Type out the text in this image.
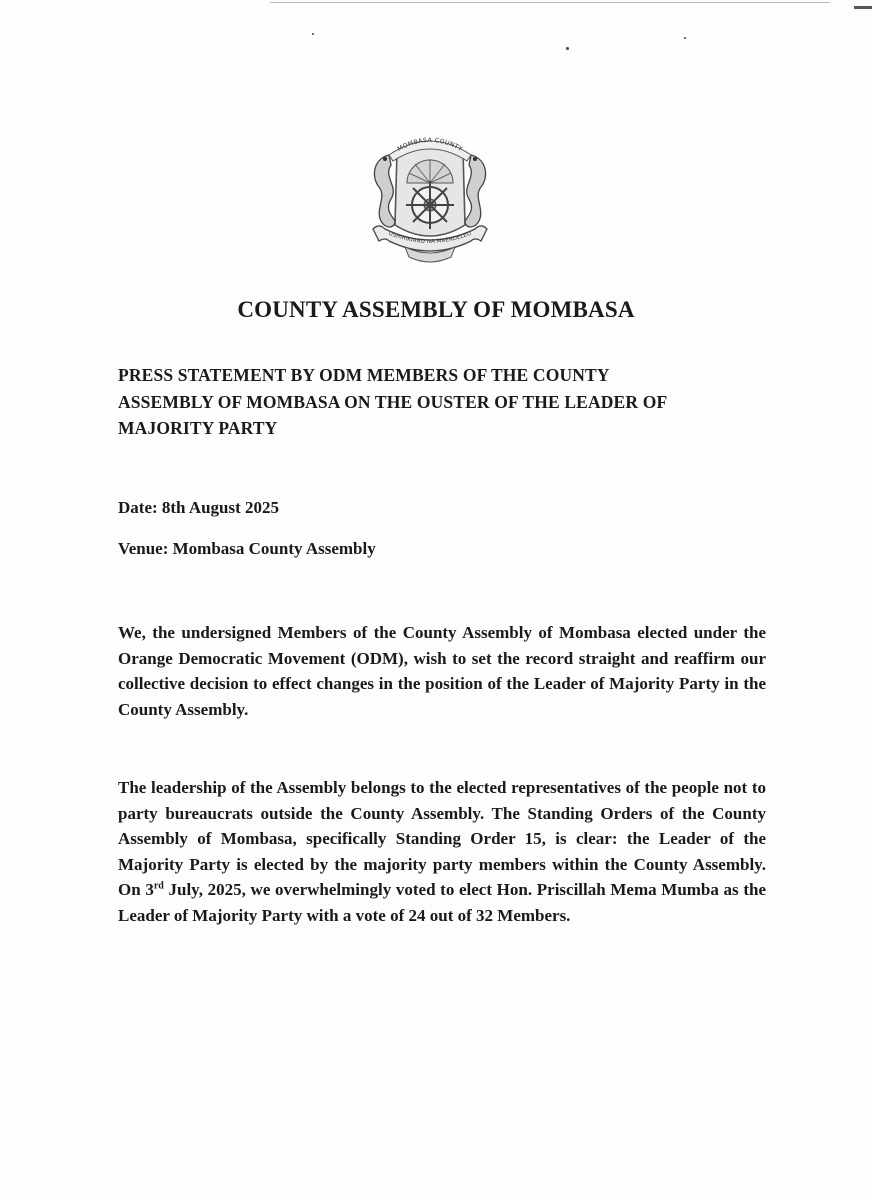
MOMBASA COUNTY
USHIRIKIANO NA MAENDELEO
COUNTY ASSEMBLY OF MOMBASA
PRESS STATEMENT BY ODM MEMBERS OF THE COUNTY
ASSEMBLY OF MOMBASA ON THE OUSTER OF THE LEADER OF
MAJORITY PARTY
Date: 8th August 2025
Venue: Mombasa County Assembly
We, the undersigned Members of the County Assembly of Mombasa elected under the Orange Democratic Movement (ODM), wish to set the record straight and reaffirm our collective decision to effect changes in the position of the Leader of Majority Party in the County Assembly.
The leadership of the Assembly belongs to the elected representatives of the people not to party bureaucrats outside the County Assembly. The Standing Orders of the County Assembly of Mombasa, specifically Standing Order 15, is clear: the Leader of the Majority Party is elected by the majority party members within the County Assembly. On 3rd July, 2025, we overwhelmingly voted to elect Hon. Priscillah Mema Mumba as the Leader of Majority Party with a vote of 24 out of 32 Members.
